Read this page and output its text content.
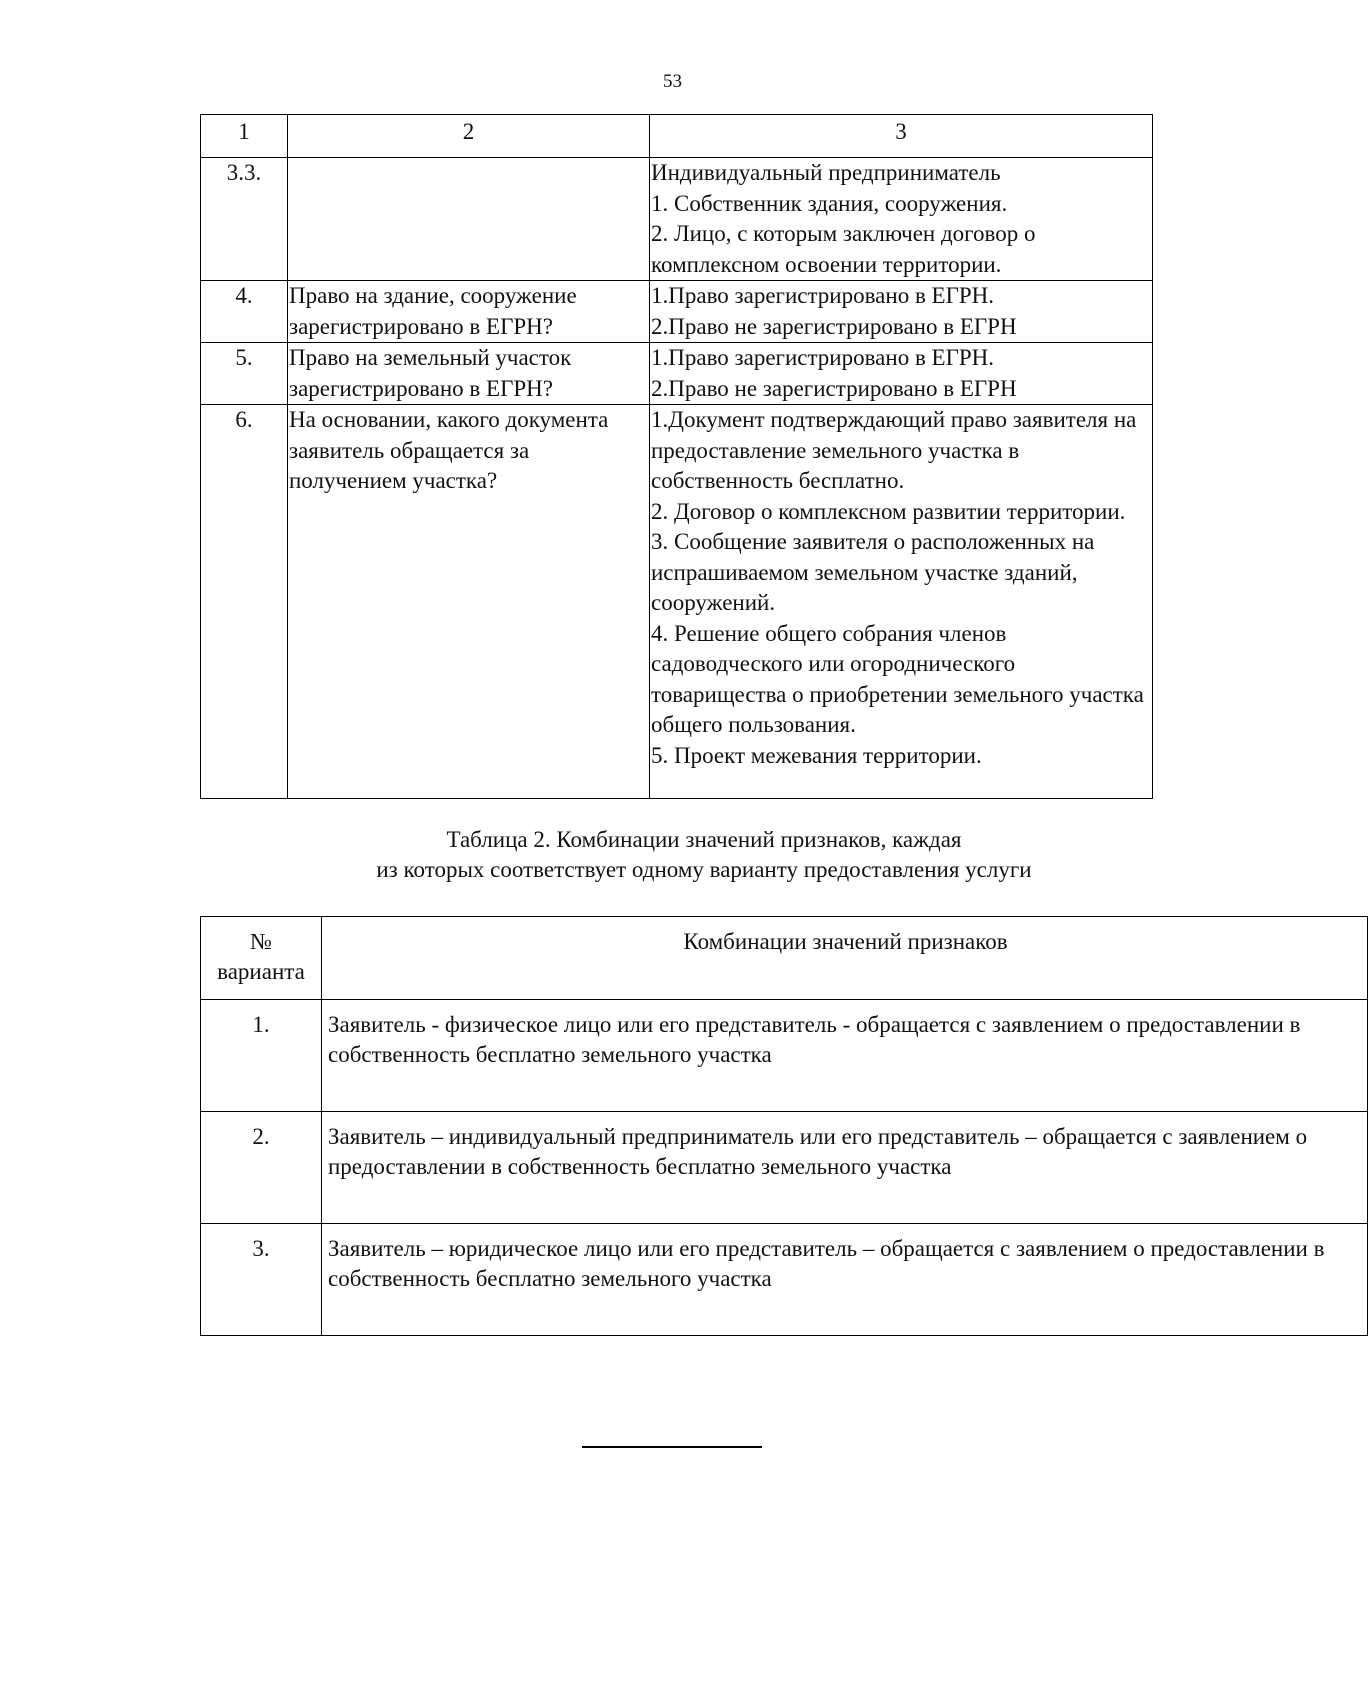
53
1	2	3
3.3.		Индивидуальный предприниматель
1. Собственник здания, сооружения.
2. Лицо, с которым заключен договор о комплексном освоении территории.
4.	Право на здание, сооружение зарегистрировано в ЕГРН?	1.Право зарегистрировано в ЕГРН.
2.Право не зарегистрировано в ЕГРН
5.	Право на земельный участок зарегистрировано в ЕГРН?	1.Право зарегистрировано в ЕГРН.
2.Право не зарегистрировано в ЕГРН
6.	На основании, какого документа заявитель обращается за получением участка?	1.Документ подтверждающий право заявителя на предоставление земельного участка в собственность бесплатно.
2. Договор о комплексном развитии территории.
3. Сообщение заявителя о расположенных на испрашиваемом земельном участке зданий, сооружений.
4. Решение общего собрания членов садоводческого или огороднического товарищества о приобретении земельного участка общего пользования.
5. Проект межевания территории.
Таблица 2. Комбинации значений признаков, каждая
из которых соответствует одному варианту предоставления услуги
№
варианта	Комбинации значений признаков
1.	Заявитель - физическое лицо или его представитель - обращается с заявлением о предоставлении в собственность бесплатно земельного участка
2.	Заявитель – индивидуальный предприниматель или его представитель – обращается с заявлением о предоставлении в собственность бесплатно земельного участка
3.	Заявитель – юридическое лицо или его представитель – обращается с заявлением о предоставлении в собственность бесплатно земельного участка
